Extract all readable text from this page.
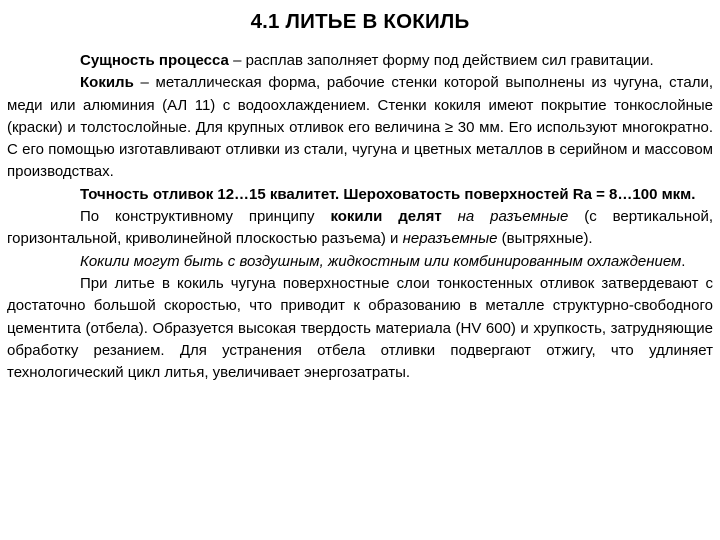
4.1 ЛИТЬЕ В КОКИЛЬ

Сущность процесса – расплав заполняет форму под действием сил гравитации.

Кокиль – металлическая форма, рабочие стенки которой выполнены из чугуна, стали, меди или алюминия (АЛ 11) с водоохлаждением. Стенки кокиля имеют покрытие тонкослойные (краски) и толстослойные. Для крупных отливок его величина ≥ 30 мм. Его используют многократно. С его помощью изготавливают отливки из стали, чугуна и цветных металлов в серийном и массовом производствах.

Точность отливок 12…15 квалитет. Шероховатость поверхностей Ra = 8…100 мкм.

По конструктивному принципу кокили делят на разъемные (с вертикальной, горизонтальной, криволинейной плоскостью разъема) и неразъемные (вытряхные).

Кокили могут быть с воздушным, жидкостным или комбинированным охлаждением.

При литье в кокиль чугуна поверхностные слои тонкостенных отливок затвердевают с достаточно большой скоростью, что приводит к образованию в металле структурно-свободного цементита (отбела). Образуется высокая твердость материала (HV 600) и хрупкость, затрудняющие обработку резанием. Для устранения отбела отливки подвергают отжигу, что удлиняет технологический цикл литья, увеличивает энергозатраты.
